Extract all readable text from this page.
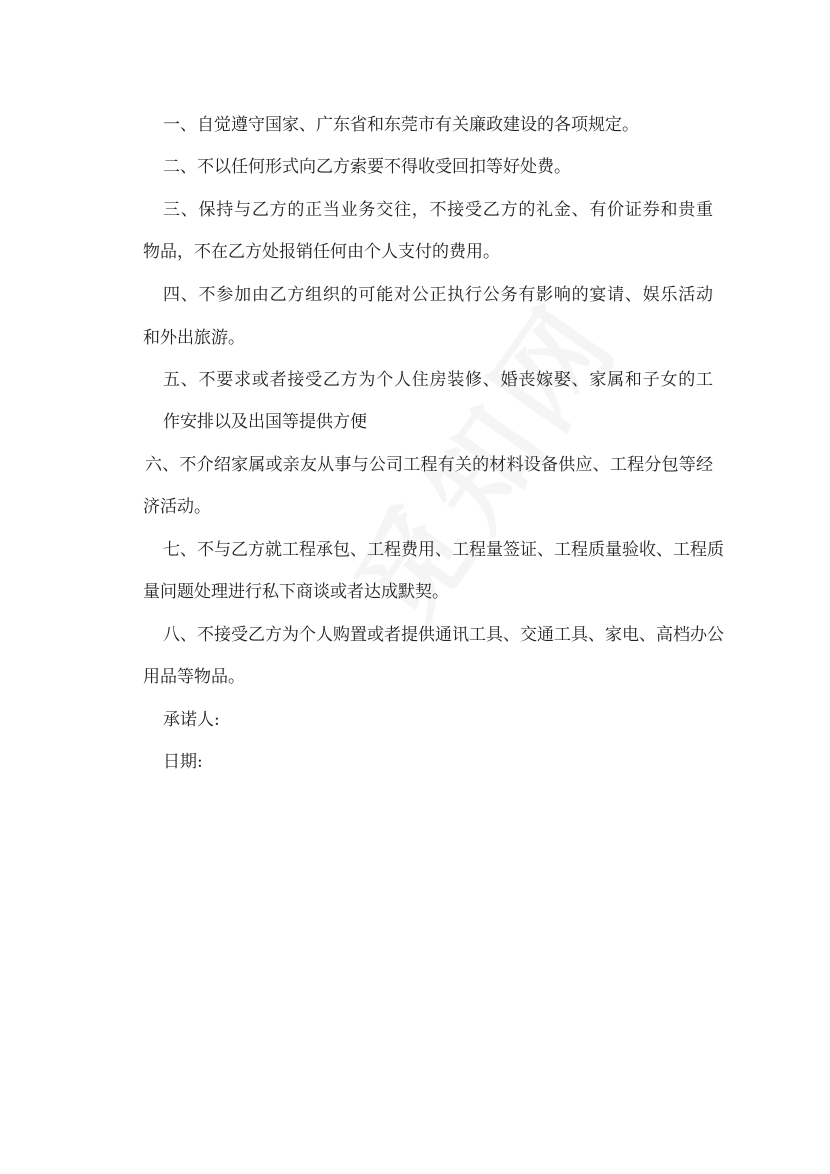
一、自觉遵守国家、广东省和东莞市有关廉政建设的各项规定。
二、不以任何形式向乙方索要不得收受回扣等好处费。
三、保持与乙方的正当业务交往，不接受乙方的礼金、有价证券和贵重
物品，不在乙方处报销任何由个人支付的费用。
四、不参加由乙方组织的可能对公正执行公务有影响的宴请、娱乐活动
和外出旅游。
五、不要求或者接受乙方为个人住房装修、婚丧嫁娶、家属和子女的工
作安排以及出国等提供方便
六、不介绍家属或亲友从事与公司工程有关的材料设备供应、工程分包等经
济活动。
七、不与乙方就工程承包、工程费用、工程量签证、工程质量验收、工程质
量问题处理进行私下商谈或者达成默契。
八、不接受乙方为个人购置或者提供通讯工具、交通工具、家电、高档办公
用品等物品。
承诺人:
日期:
